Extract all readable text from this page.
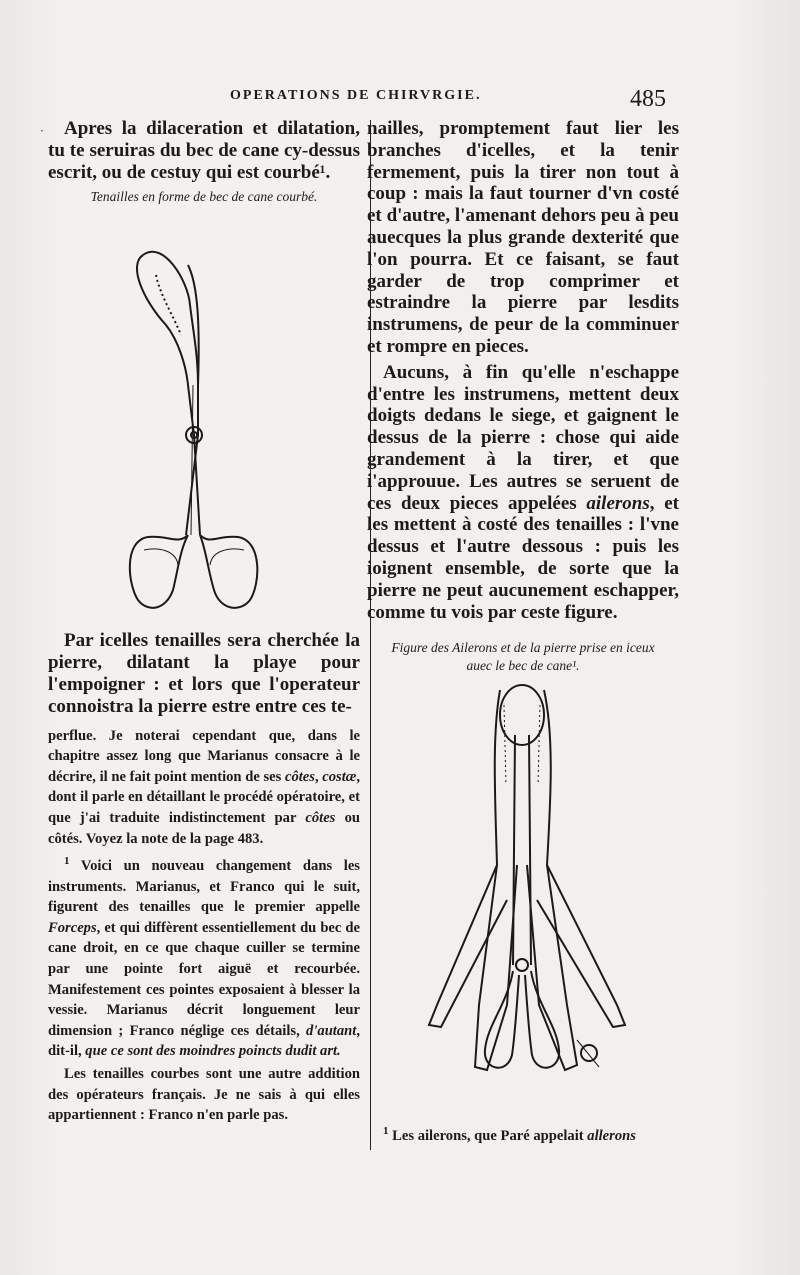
OPERATIONS DE CHIRVRGIE.	485
·	Apres la dilaceration et dilatation, tu te seruiras du bec de cane cy-dessus escrit, ou de cestuy qui est courbé¹.

Tenailles en forme de bec de cane courbé.

Par icelles tenailles sera cherchée la pierre, dilatant la playe pour l'empoigner : et lors que l'operateur connoistra la pierre estre entre ces te-

perflue. Je noterai cependant que, dans le chapitre assez long que Marianus consacre à le décrire, il ne fait point mention de ses côtes, costæ, dont il parle en détaillant le procédé opératoire, et que j'ai traduite indistinctement par côtes ou côtés. Voyez la note de la page 483.

$^1$ Voici un nouveau changement dans les instruments. Marianus, et Franco qui le suit, figurent des tenailles que le premier appelle Forceps, et qui diffèrent essentiellement du bec de cane droit, en ce que chaque cuiller se termine par une pointe fort aiguë et recourbée. Manifestement ces pointes exposaient à blesser la vessie. Marianus décrit longuement leur dimension ; Franco néglige ces détails, d'autant, dit-il, que ce sont des moindres poincts dudit art.

Les tenailles courbes sont une autre addition des opérateurs français. Je ne sais à qui elles appartiennent : Franco n'en parle pas.

nailles, promptement faut lier les branches d'icelles, et la tenir fermement, puis la tirer non tout à coup : mais la faut tourner d'vn costé et d'autre, l'amenant dehors peu à peu auecques la plus grande dexterité que l'on pourra. Et ce faisant, se faut garder de trop comprimer et estraindre la pierre par lesdits instrumens, de peur de la comminuer et rompre en pieces.

Aucuns, à fin qu'elle n'eschappe d'entre les instrumens, mettent deux doigts dedans le siege, et gaignent le dessus de la pierre : chose qui aide grandement à la tirer, et que i'approuue. Les autres se seruent de ces deux pieces appelées ailerons, et les mettent à costé des tenailles : l'vne dessus et l'autre dessous : puis les ioignent ensemble, de sorte que la pierre ne peut aucunement eschapper, comme tu vois par ceste figure.

Figure des Ailerons et de la pierre prise en iceux auec le bec de cane¹.

$^1$ Les ailerons, que Paré appelait allerons
